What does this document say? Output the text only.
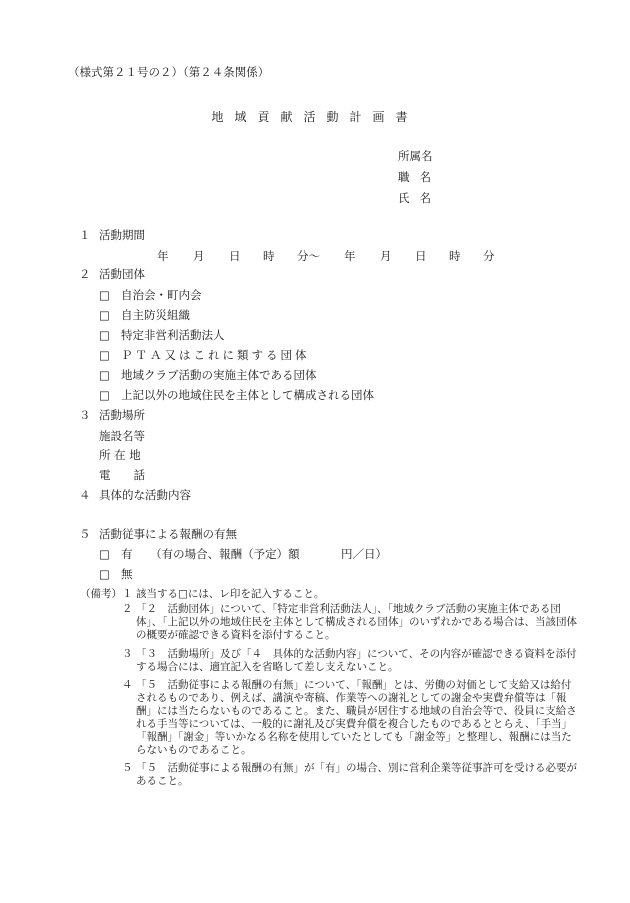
（様式第２１号の２）（第２４条関係）
地域貢献活動計画書
所属名
職名
氏名
１ 活動期間
年 月 日 時 分～ 年 月 日 時 分
２ 活動団体
□ 自治会・町内会
□ 自主防災組織
□ 特定非営利活動法人
□ ＰＴＡ又はこれに類する団体
□ 地域クラブ活動の実施主体である団体
□ 上記以外の地域住民を主体として構成される団体
３ 活動場所
施設名等
所 在 地
電　　話
４ 具体的な活動内容
５ 活動従事による報酬の有無
□ 有 （有の場合、報酬（予定）額	円／日）
□ 無
（備考） １ 該当する□には、レ印を記入すること。
２ 「２　活動団体」について、「特定非営利活動法人」、「地域クラブ活動の実施主体である団体」、「上記以外の地域住民を主体として構成される団体」のいずれかである場合は、当該団体の概要が確認できる資料を添付すること。
３ 「３　活動場所」及び「４　具体的な活動内容」について、その内容が確認できる資料を添付する場合には、適宜記入を省略して差し支えないこと。
４ 「５　活動従事による報酬の有無」について、「報酬」とは、労働の対価として支給又は給付されるものであり、例えば、講演や寄稿、作業等への謝礼としての謝金や実費弁償等は「報酬」には当たらないものであること。また、職員が居住する地域の自治会等で、役員に支給される手当等については、一般的に謝礼及び実費弁償を複合したものであるととらえ、「手当」「報酬」「謝金」等いかなる名称を使用していたとしても「謝金等」と整理し、報酬には当たらないものであること。
５ 「５　活動従事による報酬の有無」が「有」の場合、別に営利企業等従事許可を受ける必要があること。
